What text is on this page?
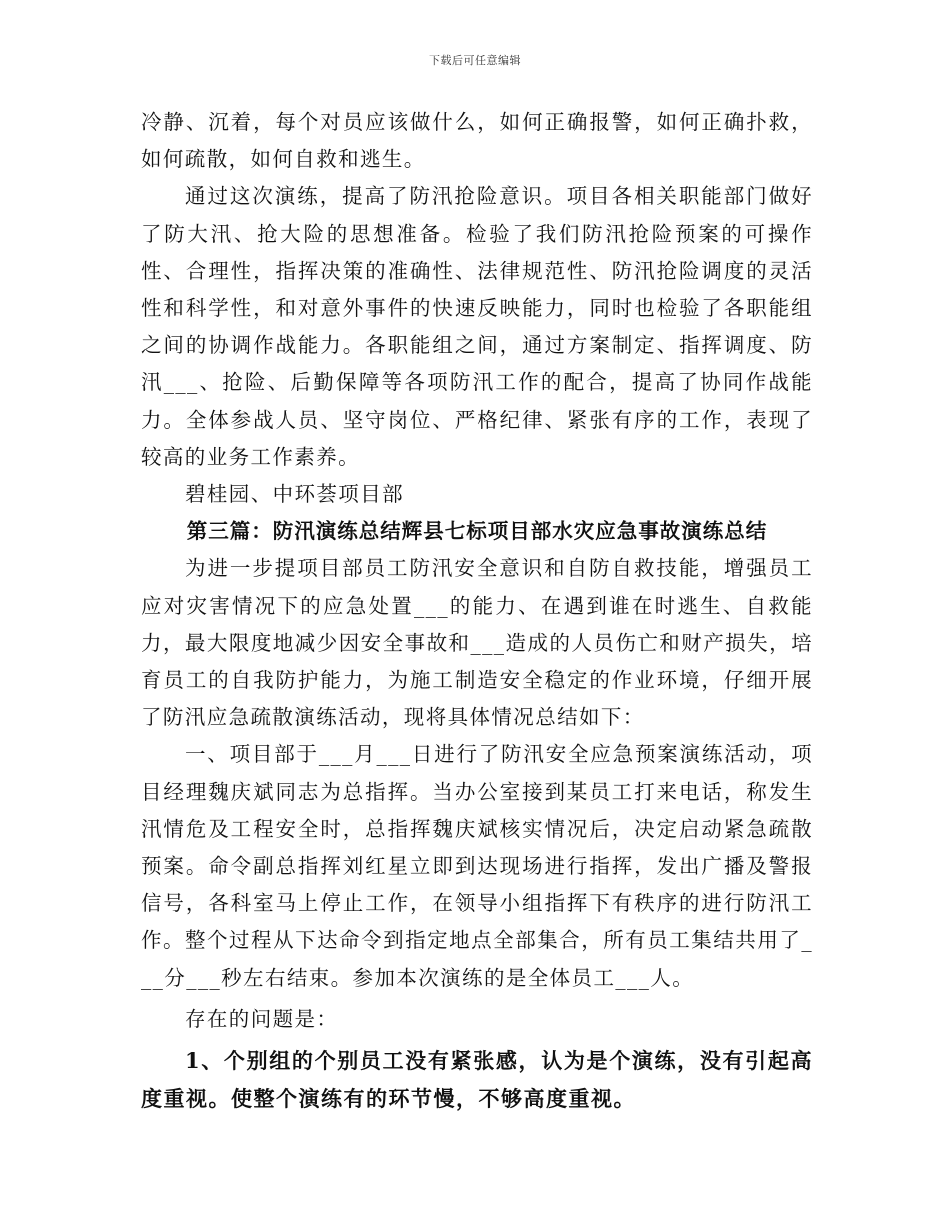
下载后可任意编辑

冷静、沉着，每个对员应该做什么，如何正确报警，如何正确扑救，如何疏散，如何自救和逃生。

通过这次演练，提高了防汛抢险意识。项目各相关职能部门做好了防大汛、抢大险的思想准备。检验了我们防汛抢险预案的可操作性、合理性，指挥决策的准确性、法律规范性、防汛抢险调度的灵活性和科学性，和对意外事件的快速反映能力，同时也检验了各职能组之间的协调作战能力。各职能组之间，通过方案制定、指挥调度、防汛___、抢险、后勤保障等各项防汛工作的配合，提高了协同作战能力。全体参战人员、坚守岗位、严格纪律、紧张有序的工作，表现了较高的业务工作素养。

碧桂园、中环荟项目部

第三篇：防汛演练总结辉县七标项目部水灾应急事故演练总结

为进一步提项目部员工防汛安全意识和自防自救技能，增强员工应对灾害情况下的应急处置___的能力、在遇到谁在时逃生、自救能力，最大限度地减少因安全事故和___造成的人员伤亡和财产损失，培育员工的自我防护能力，为施工制造安全稳定的作业环境，仔细开展了防汛应急疏散演练活动，现将具体情况总结如下：

一、项目部于___月___日进行了防汛安全应急预案演练活动，项目经理魏庆斌同志为总指挥。当办公室接到某员工打来电话，称发生汛情危及工程安全时，总指挥魏庆斌核实情况后，决定启动紧急疏散预案。命令副总指挥刘红星立即到达现场进行指挥，发出广播及警报信号，各科室马上停止工作，在领导小组指挥下有秩序的进行防汛工作。整个过程从下达命令到指定地点全部集合，所有员工集结共用了___分___秒左右结束。参加本次演练的是全体员工___人。

存在的问题是：

1、个别组的个别员工没有紧张感，认为是个演练，没有引起高度重视。使整个演练有的环节慢，不够高度重视。
